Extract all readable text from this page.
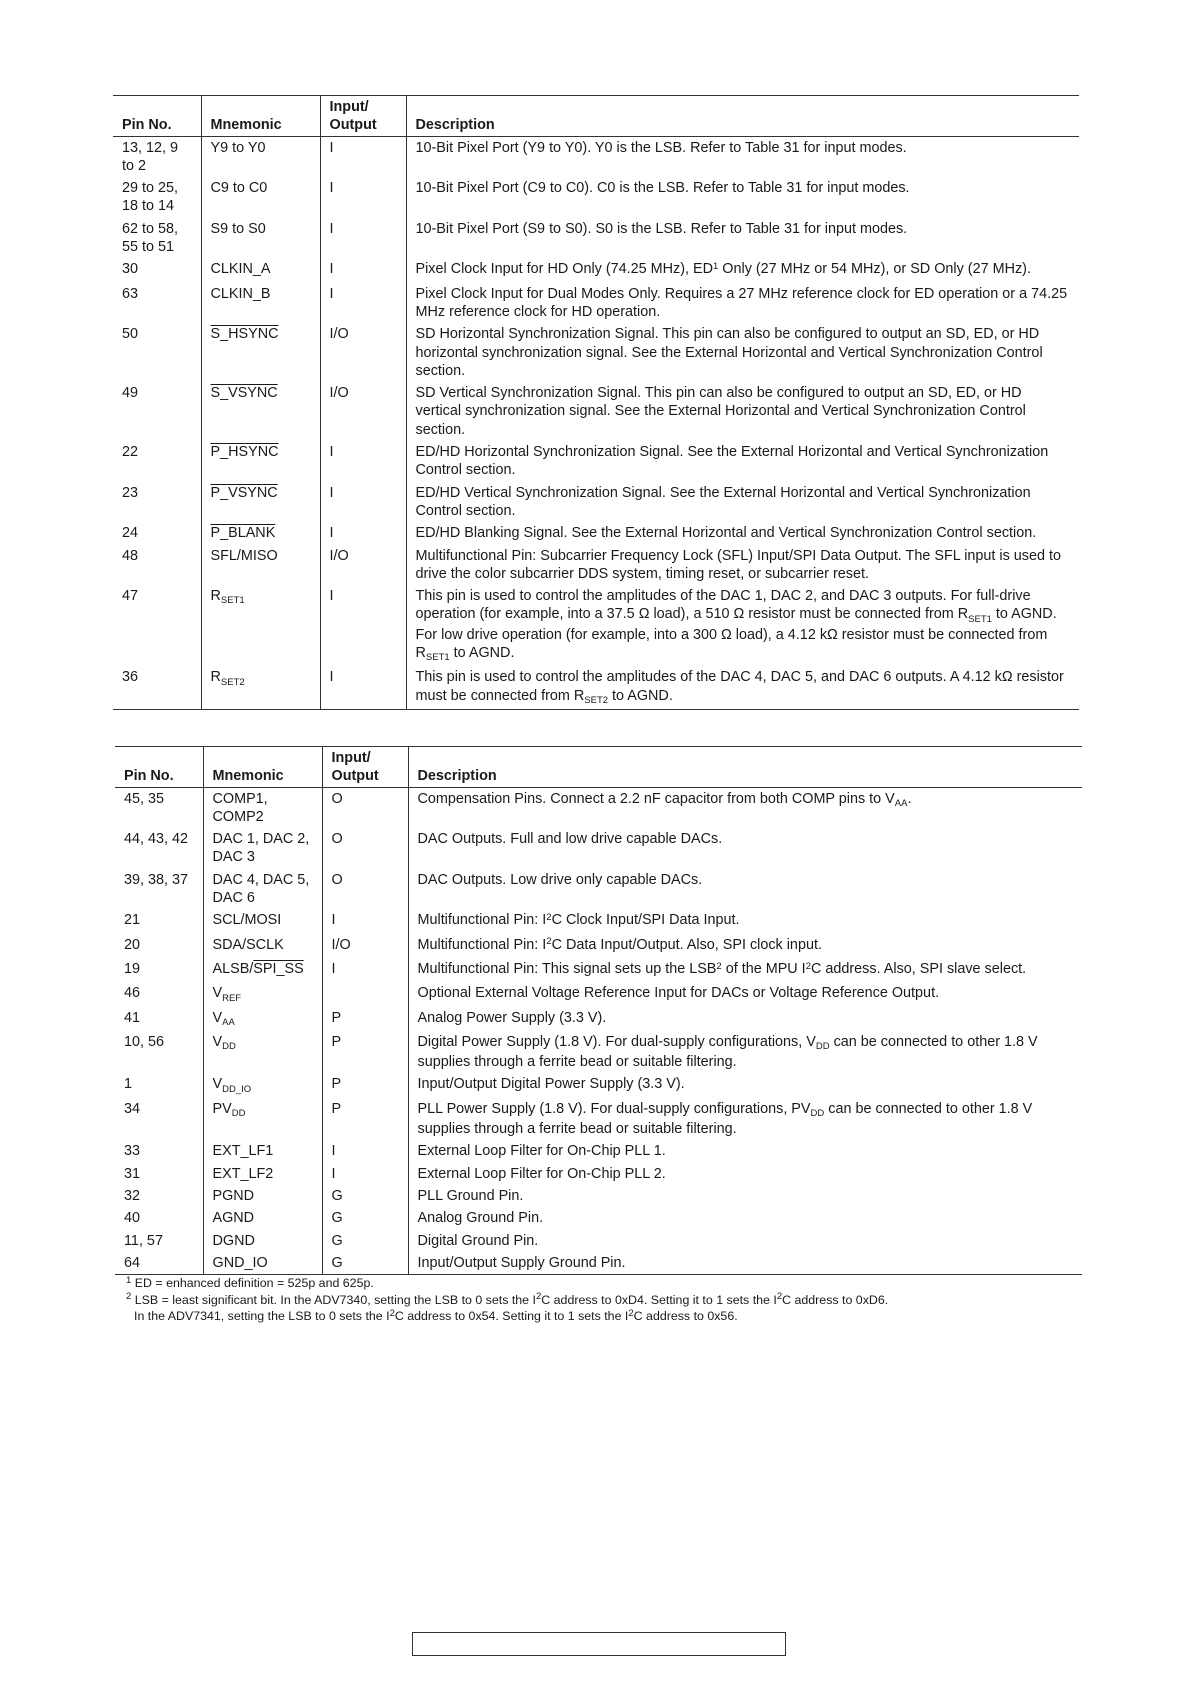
Pin No.	Mnemonic	Input/ Output	Description
13, 12, 9 to 2	Y9 to Y0	I	10-Bit Pixel Port (Y9 to Y0). Y0 is the LSB. Refer to Table 31 for input modes.
29 to 25, 18 to 14	C9 to C0	I	10-Bit Pixel Port (C9 to C0). C0 is the LSB. Refer to Table 31 for input modes.
62 to 58, 55 to 51	S9 to S0	I	10-Bit Pixel Port (S9 to S0). S0 is the LSB. Refer to Table 31 for input modes.
30	CLKIN_A	I	Pixel Clock Input for HD Only (74.25 MHz), $ED^1$ Only (27 MHz or 54 MHz), or SD Only (27 MHz).
63	CLKIN_B	I	Pixel Clock Input for Dual Modes Only. Requires a 27 MHz reference clock for ED operation or a 74.25 MHz reference clock for HD operation.
50	S_HSYNC	I/O	SD Horizontal Synchronization Signal. This pin can also be configured to output an SD, ED, or HD horizontal synchronization signal. See the External Horizontal and Vertical Synchronization Control section.
49	S_VSYNC	I/O	SD Vertical Synchronization Signal. This pin can also be configured to output an SD, ED, or HD vertical synchronization signal. See the External Horizontal and Vertical Synchronization Control section.
22	P_HSYNC	I	ED/HD Horizontal Synchronization Signal. See the External Horizontal and Vertical Synchronization Control section.
23	P_VSYNC	I	ED/HD Vertical Synchronization Signal. See the External Horizontal and Vertical Synchronization Control section.
24	P_BLANK	I	ED/HD Blanking Signal. See the External Horizontal and Vertical Synchronization Control section.
48	SFL/MISO	I/O	Multifunctional Pin: Subcarrier Frequency Lock (SFL) Input/SPI Data Output. The SFL input is used to drive the color subcarrier DDS system, timing reset, or subcarrier reset.
47	$R_{SET1}$	I	This pin is used to control the amplitudes of the DAC 1, DAC 2, and DAC 3 outputs. For full-drive operation (for example, into a 37.5 Ω load), a 510 Ω resistor must be connected from $R_{SET1}$ to AGND. For low drive operation (for example, into a 300 Ω load), a 4.12 kΩ resistor must be connected from $R_{SET1}$ to AGND.
36	$R_{SET2}$	I	This pin is used to control the amplitudes of the DAC 4, DAC 5, and DAC 6 outputs. A 4.12 kΩ resistor must be connected from $R_{SET2}$ to AGND.
Pin No.	Mnemonic	Input/ Output	Description
45, 35	COMP1, COMP2	O	Compensation Pins. Connect a 2.2 nF capacitor from both COMP pins to $V_{AA}$.
44, 43, 42	DAC 1, DAC 2, DAC 3	O	DAC Outputs. Full and low drive capable DACs.
39, 38, 37	DAC 4, DAC 5, DAC 6	O	DAC Outputs. Low drive only capable DACs.
21	SCL/MOSI	I	Multifunctional Pin: $I^2C$ Clock Input/SPI Data Input.
20	SDA/SCLK	I/O	Multifunctional Pin: $I^2C$ Data Input/Output. Also, SPI clock input.
19	ALSB/SPI_SS	I	Multifunctional Pin: This signal sets up the LSB$^2$ of the MPU $I^2C$ address. Also, SPI slave select.
46	$V_{REF}$		Optional External Voltage Reference Input for DACs or Voltage Reference Output.
41	$V_{AA}$	P	Analog Power Supply (3.3 V).
10, 56	$V_{DD}$	P	Digital Power Supply (1.8 V). For dual-supply configurations, $V_{DD}$ can be connected to other 1.8 V supplies through a ferrite bead or suitable filtering.
1	$V_{DD\_IO}$	P	Input/Output Digital Power Supply (3.3 V).
34	$PV_{DD}$	P	PLL Power Supply (1.8 V). For dual-supply configurations, $PV_{DD}$ can be connected to other 1.8 V supplies through a ferrite bead or suitable filtering.
33	EXT_LF1	I	External Loop Filter for On-Chip PLL 1.
31	EXT_LF2	I	External Loop Filter for On-Chip PLL 2.
32	PGND	G	PLL Ground Pin.
40	AGND	G	Analog Ground Pin.
11, 57	DGND	G	Digital Ground Pin.
64	GND_IO	G	Input/Output Supply Ground Pin.
$^1$ ED = enhanced definition = 525p and 625p.
$^2$ LSB = least significant bit. In the ADV7340, setting the LSB to 0 sets the $I^2C$ address to 0xD4. Setting it to 1 sets the $I^2C$ address to 0xD6.
In the ADV7341, setting the LSB to 0 sets the $I^2C$ address to 0x54. Setting it to 1 sets the $I^2C$ address to 0x56.
